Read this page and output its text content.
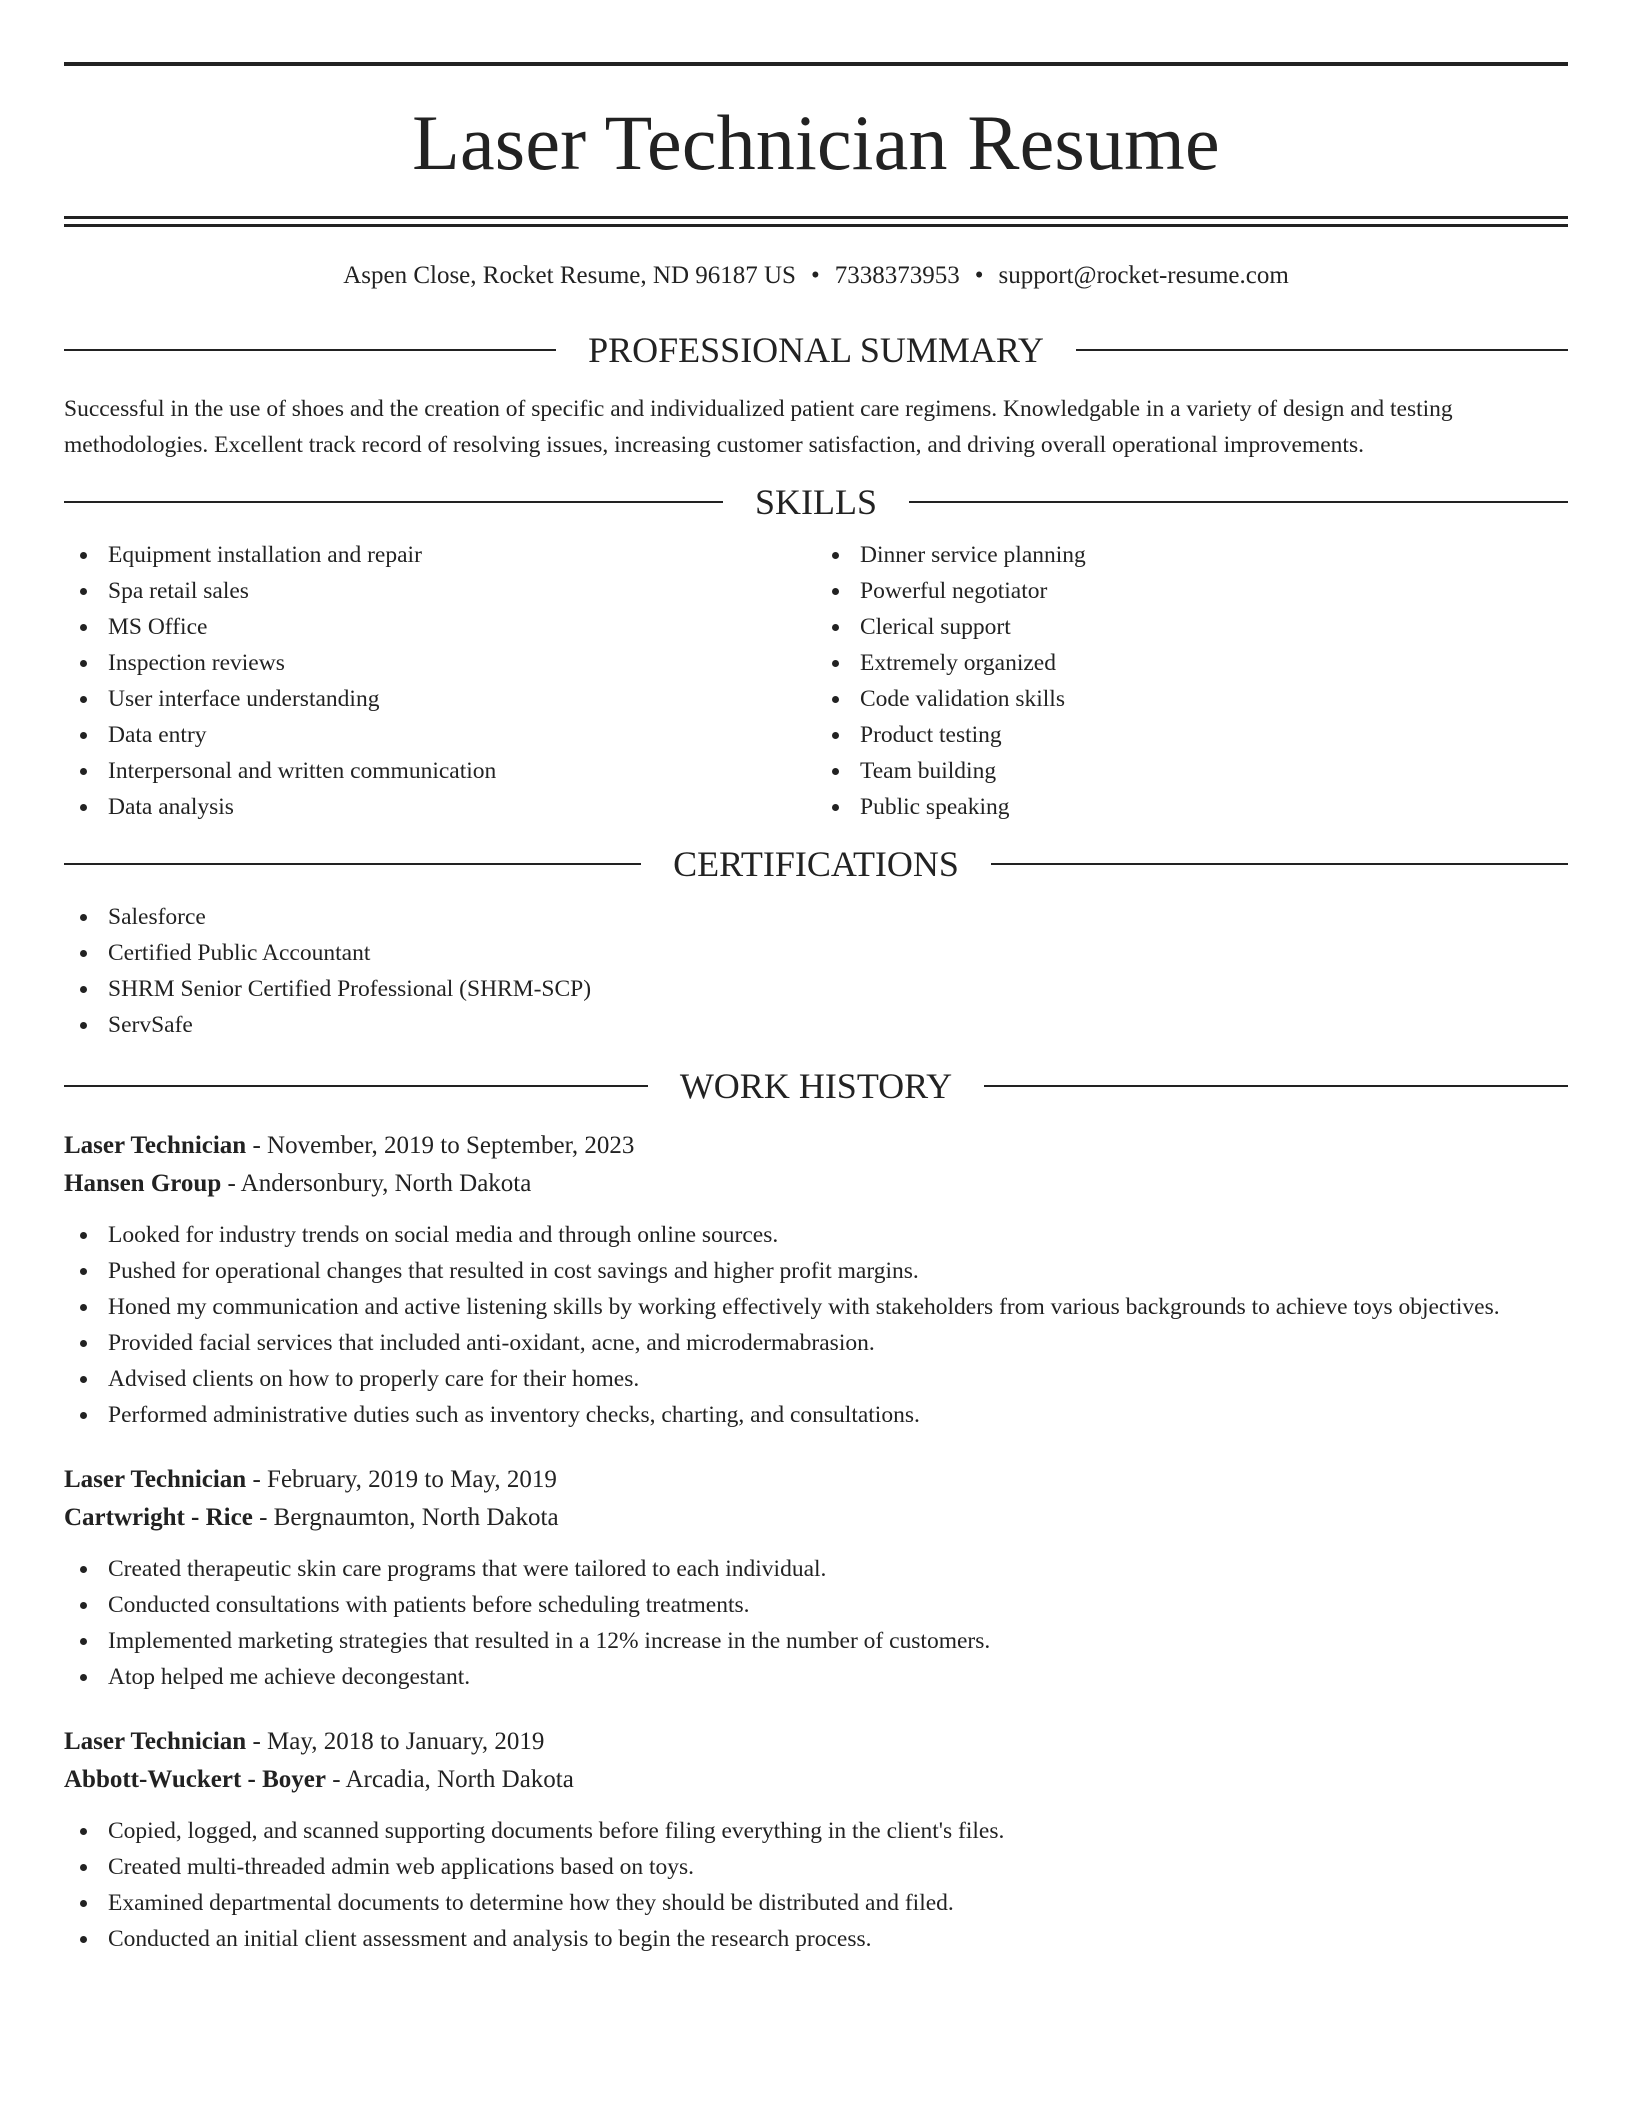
Laser Technician Resume
Aspen Close, Rocket Resume, ND 96187 US • 7338373953 • support@rocket-resume.com
PROFESSIONAL SUMMARY

Successful in the use of shoes and the creation of specific and individualized patient care regimens. Knowledgable in a variety of design and testing methodologies. Excellent track record of resolving issues, increasing customer satisfaction, and driving overall operational improvements.

SKILLS
Equipment installation and repair
Spa retail sales
MS Office
Inspection reviews
User interface understanding
Data entry
Interpersonal and written communication
Data analysis
Dinner service planning
Powerful negotiator
Clerical support
Extremely organized
Code validation skills
Product testing
Team building
Public speaking
CERTIFICATIONS
Salesforce
Certified Public Accountant
SHRM Senior Certified Professional (SHRM-SCP)
ServSafe
WORK HISTORY
Laser Technician - November, 2019 to September, 2023
Hansen Group - Andersonbury, North Dakota
Looked for industry trends on social media and through online sources.
Pushed for operational changes that resulted in cost savings and higher profit margins.
Honed my communication and active listening skills by working effectively with stakeholders from various backgrounds to achieve toys objectives.
Provided facial services that included anti-oxidant, acne, and microdermabrasion.
Advised clients on how to properly care for their homes.
Performed administrative duties such as inventory checks, charting, and consultations.
Laser Technician - February, 2019 to May, 2019
Cartwright - Rice - Bergnaumton, North Dakota
Created therapeutic skin care programs that were tailored to each individual.
Conducted consultations with patients before scheduling treatments.
Implemented marketing strategies that resulted in a 12% increase in the number of customers.
Atop helped me achieve decongestant.
Laser Technician - May, 2018 to January, 2019
Abbott-Wuckert - Boyer - Arcadia, North Dakota
Copied, logged, and scanned supporting documents before filing everything in the client's files.
Created multi-threaded admin web applications based on toys.
Examined departmental documents to determine how they should be distributed and filed.
Conducted an initial client assessment and analysis to begin the research process.
